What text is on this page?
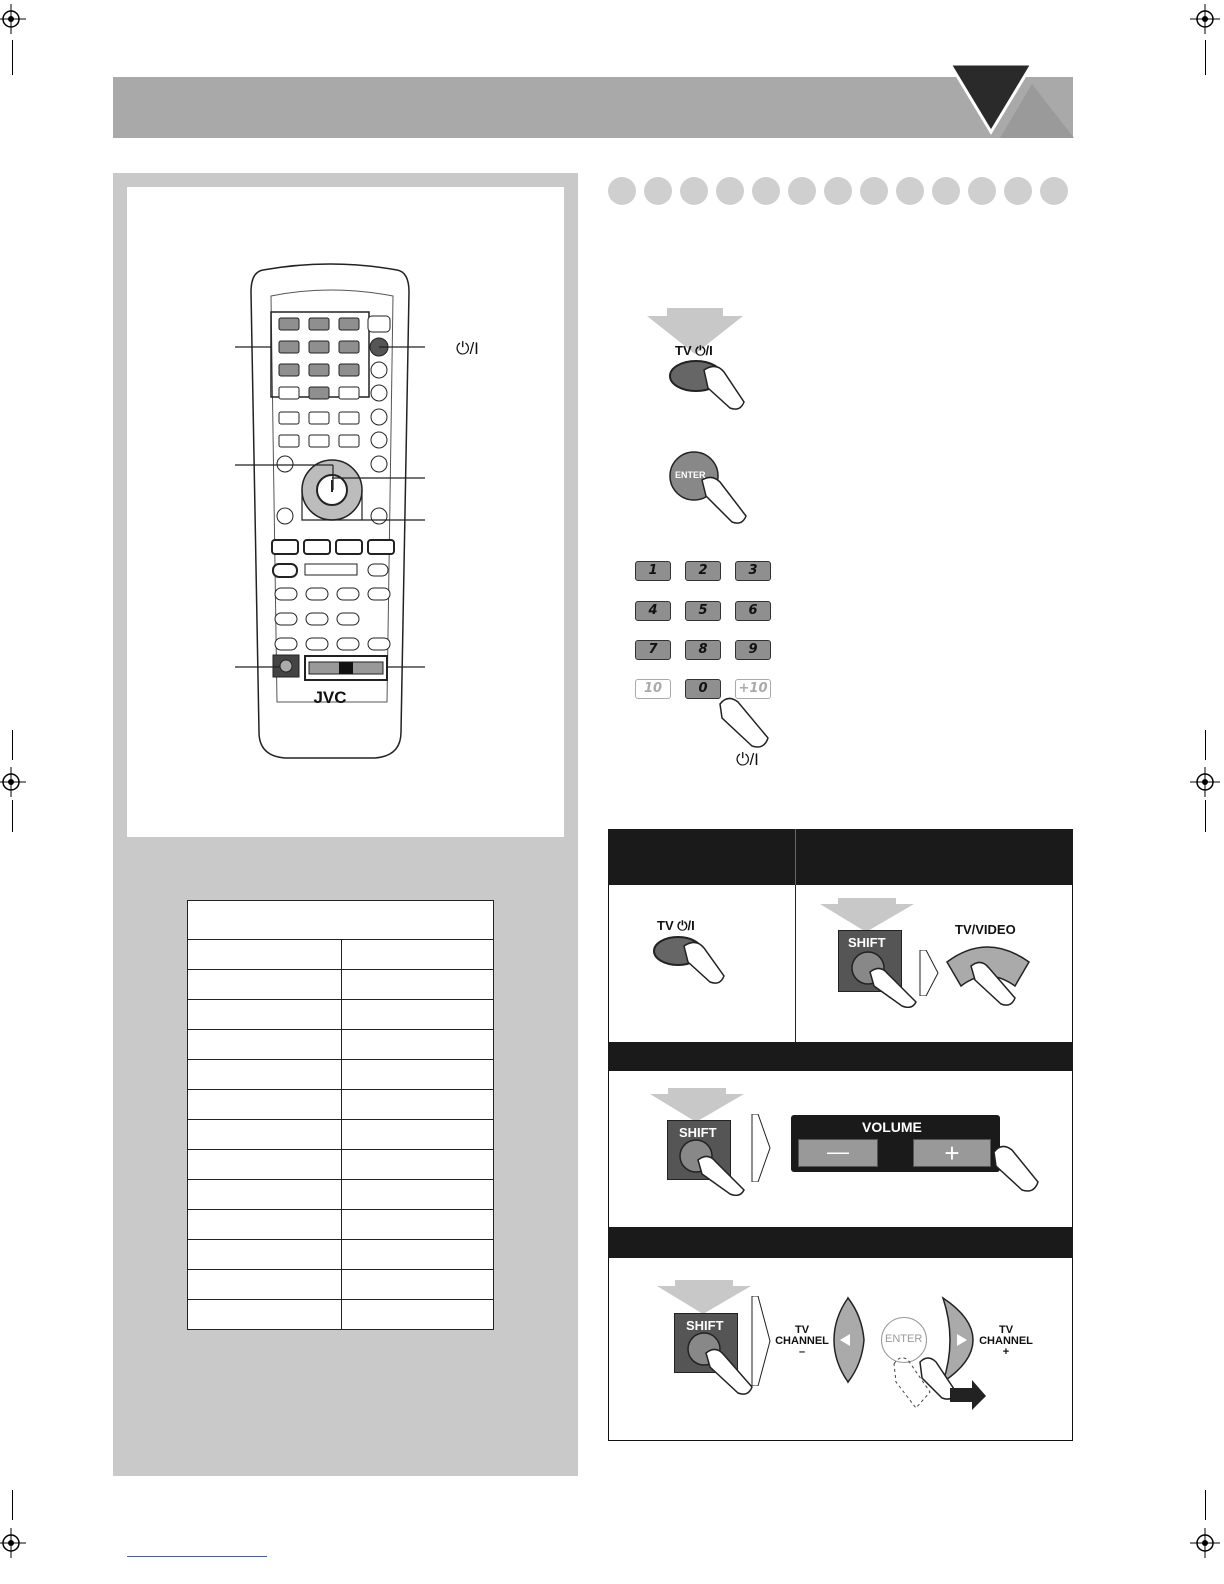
JVC
⏻/I

		TV ⏻/I
ENTER
1	2	3
4	5	6
7	8	9
10	0	+10
⏻/I
TV ⏻/I
SHIFT
TV/VIDEO
SHIFT	VOLUME
—	+
SHIFT	TV
CHANNEL
–
ENTER
TV
CHANNEL
+
